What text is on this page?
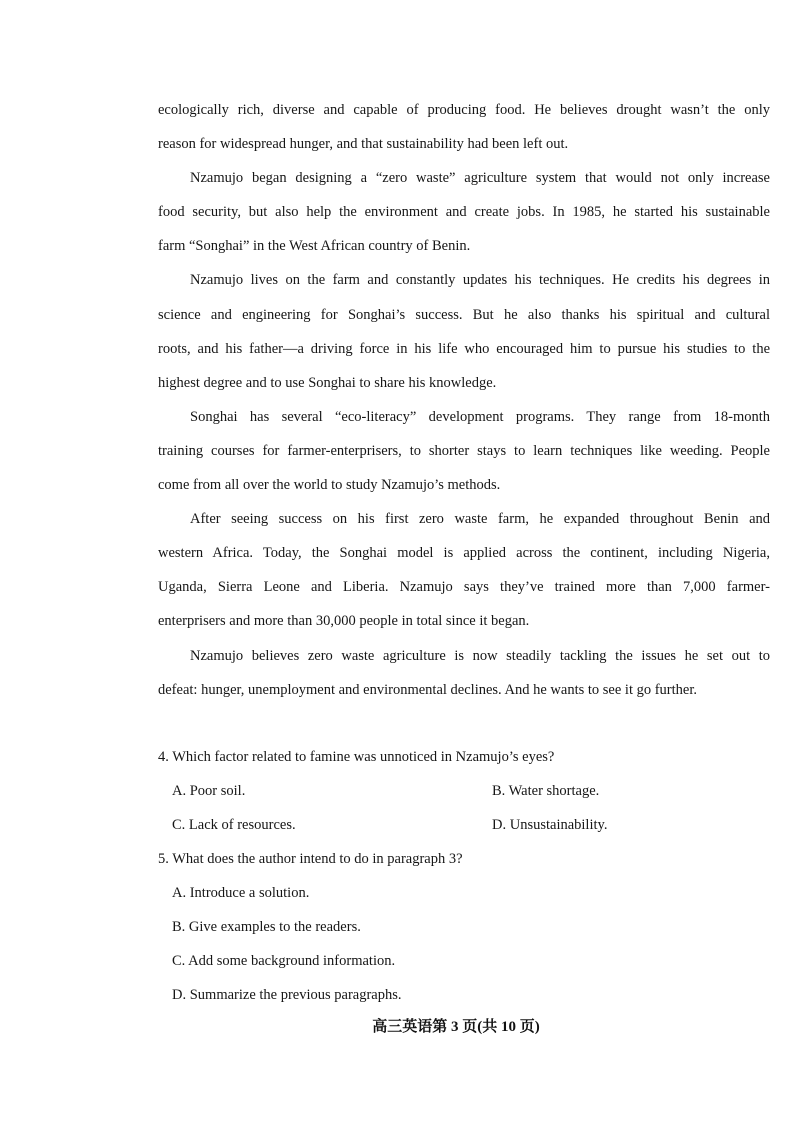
ecologically rich, diverse and capable of producing food. He believes drought wasn’t the only
reason for widespread hunger, and that sustainability had been left out.
Nzamujo began designing a “zero waste” agriculture system that would not only increase
food security, but also help the environment and create jobs. In 1985, he started his sustainable
farm “Songhai” in the West African country of Benin.
Nzamujo lives on the farm and constantly updates his techniques. He credits his degrees in
science and engineering for Songhai’s success. But he also thanks his spiritual and cultural
roots, and his father—a driving force in his life who encouraged him to pursue his studies to the
highest degree and to use Songhai to share his knowledge.
Songhai has several “eco-literacy” development programs. They range from 18-month
training courses for farmer-enterprisers, to shorter stays to learn techniques like weeding. People
come from all over the world to study Nzamujo’s methods.
After seeing success on his first zero waste farm, he expanded throughout Benin and
western Africa. Today, the Songhai model is applied across the continent, including Nigeria,
Uganda, Sierra Leone and Liberia. Nzamujo says they’ve trained more than 7,000 farmer-
enterprisers and more than 30,000 people in total since it began.
Nzamujo believes zero waste agriculture is now steadily tackling the issues he set out to
defeat: hunger, unemployment and environmental declines. And he wants to see it go further.
4. Which factor related to famine was unnoticed in Nzamujo’s eyes?
A. Poor soil.	B. Water shortage.
C. Lack of resources.	D. Unsustainability.
5. What does the author intend to do in paragraph 3?
A. Introduce a solution.
B. Give examples to the readers.
C. Add some background information.
D. Summarize the previous paragraphs.
高三英语第 3 页(共 10 页)
